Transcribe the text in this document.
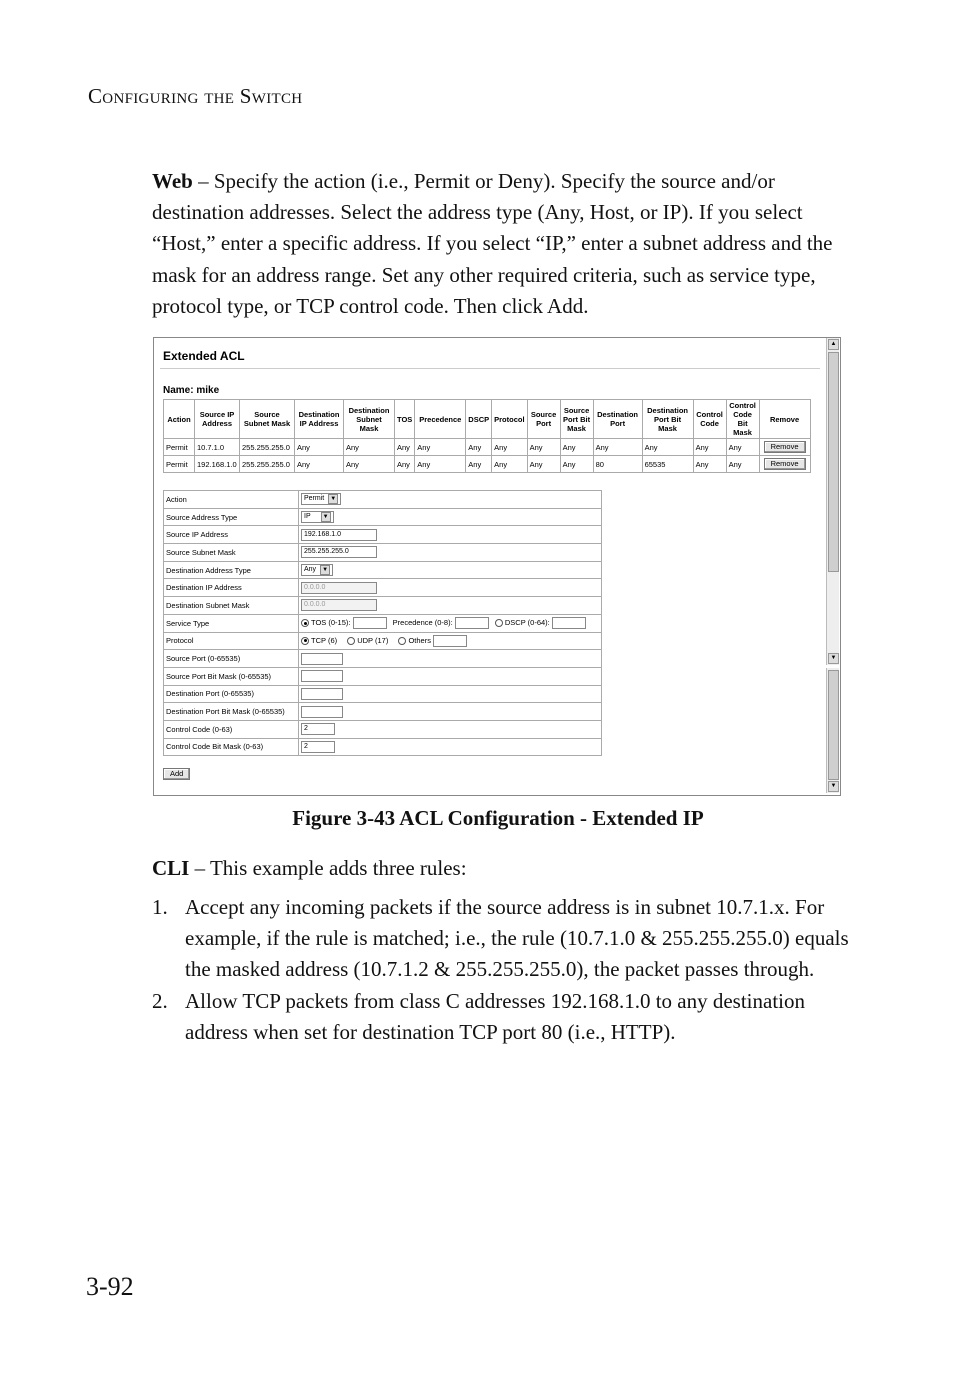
Configuring the Switch
Web – Specify the action (i.e., Permit or Deny). Specify the source and/or destination addresses. Select the address type (Any, Host, or IP). If you select “Host,” enter a specific address. If you select “IP,” enter a subnet address and the mask for an address range. Set any other required criteria, such as service type, protocol type, or TCP control code. Then click Add.
Extended ACL
Name: mike
Action	Source IP Address	Source Subnet Mask	Destination IP Address	Destination Subnet Mask	TOS	Precedence	DSCP	Protocol	Source Port	Source Port Bit Mask	Destination Port	Destination Port Bit Mask	Control Code	Control Code Bit Mask	Remove
Permit	10.7.1.0	255.255.255.0	Any	Any	Any	Any	Any	Any	Any	Any	Any	Any	Any	Any	Remove
Permit	192.168.1.0	255.255.255.0	Any	Any	Any	Any	Any	Any	Any	Any	80	65535	Any	Any	Remove
Action	Permit ▼
Source Address Type	IP ▼
Source IP Address	192.168.1.0
Source Subnet Mask	255.255.255.0
Destination Address Type	Any ▼
Destination IP Address	0.0.0.0
Destination Subnet Mask	0.0.0.0
Service Type	TOS (0-15): Precedence (0-8): DSCP (0-64):
Protocol	TCP (6) UDP (17) Others
Source Port (0-65535)	
Source Port Bit Mask (0-65535)	
Destination Port (0-65535)	
Destination Port Bit Mask (0-65535)	
Control Code (0-63)	2
Control Code Bit Mask (0-63)	2
Add
▲
▼
▼
Figure 3-43 ACL Configuration - Extended IP
CLI – This example adds three rules:
1. Accept any incoming packets if the source address is in subnet 10.7.1.x. For example, if the rule is matched; i.e., the rule (10.7.1.0 & 255.255.255.0) equals the masked address (10.7.1.2 & 255.255.255.0), the packet passes through.
2. Allow TCP packets from class C addresses 192.168.1.0 to any destination address when set for destination TCP port 80 (i.e., HTTP).
3-92
